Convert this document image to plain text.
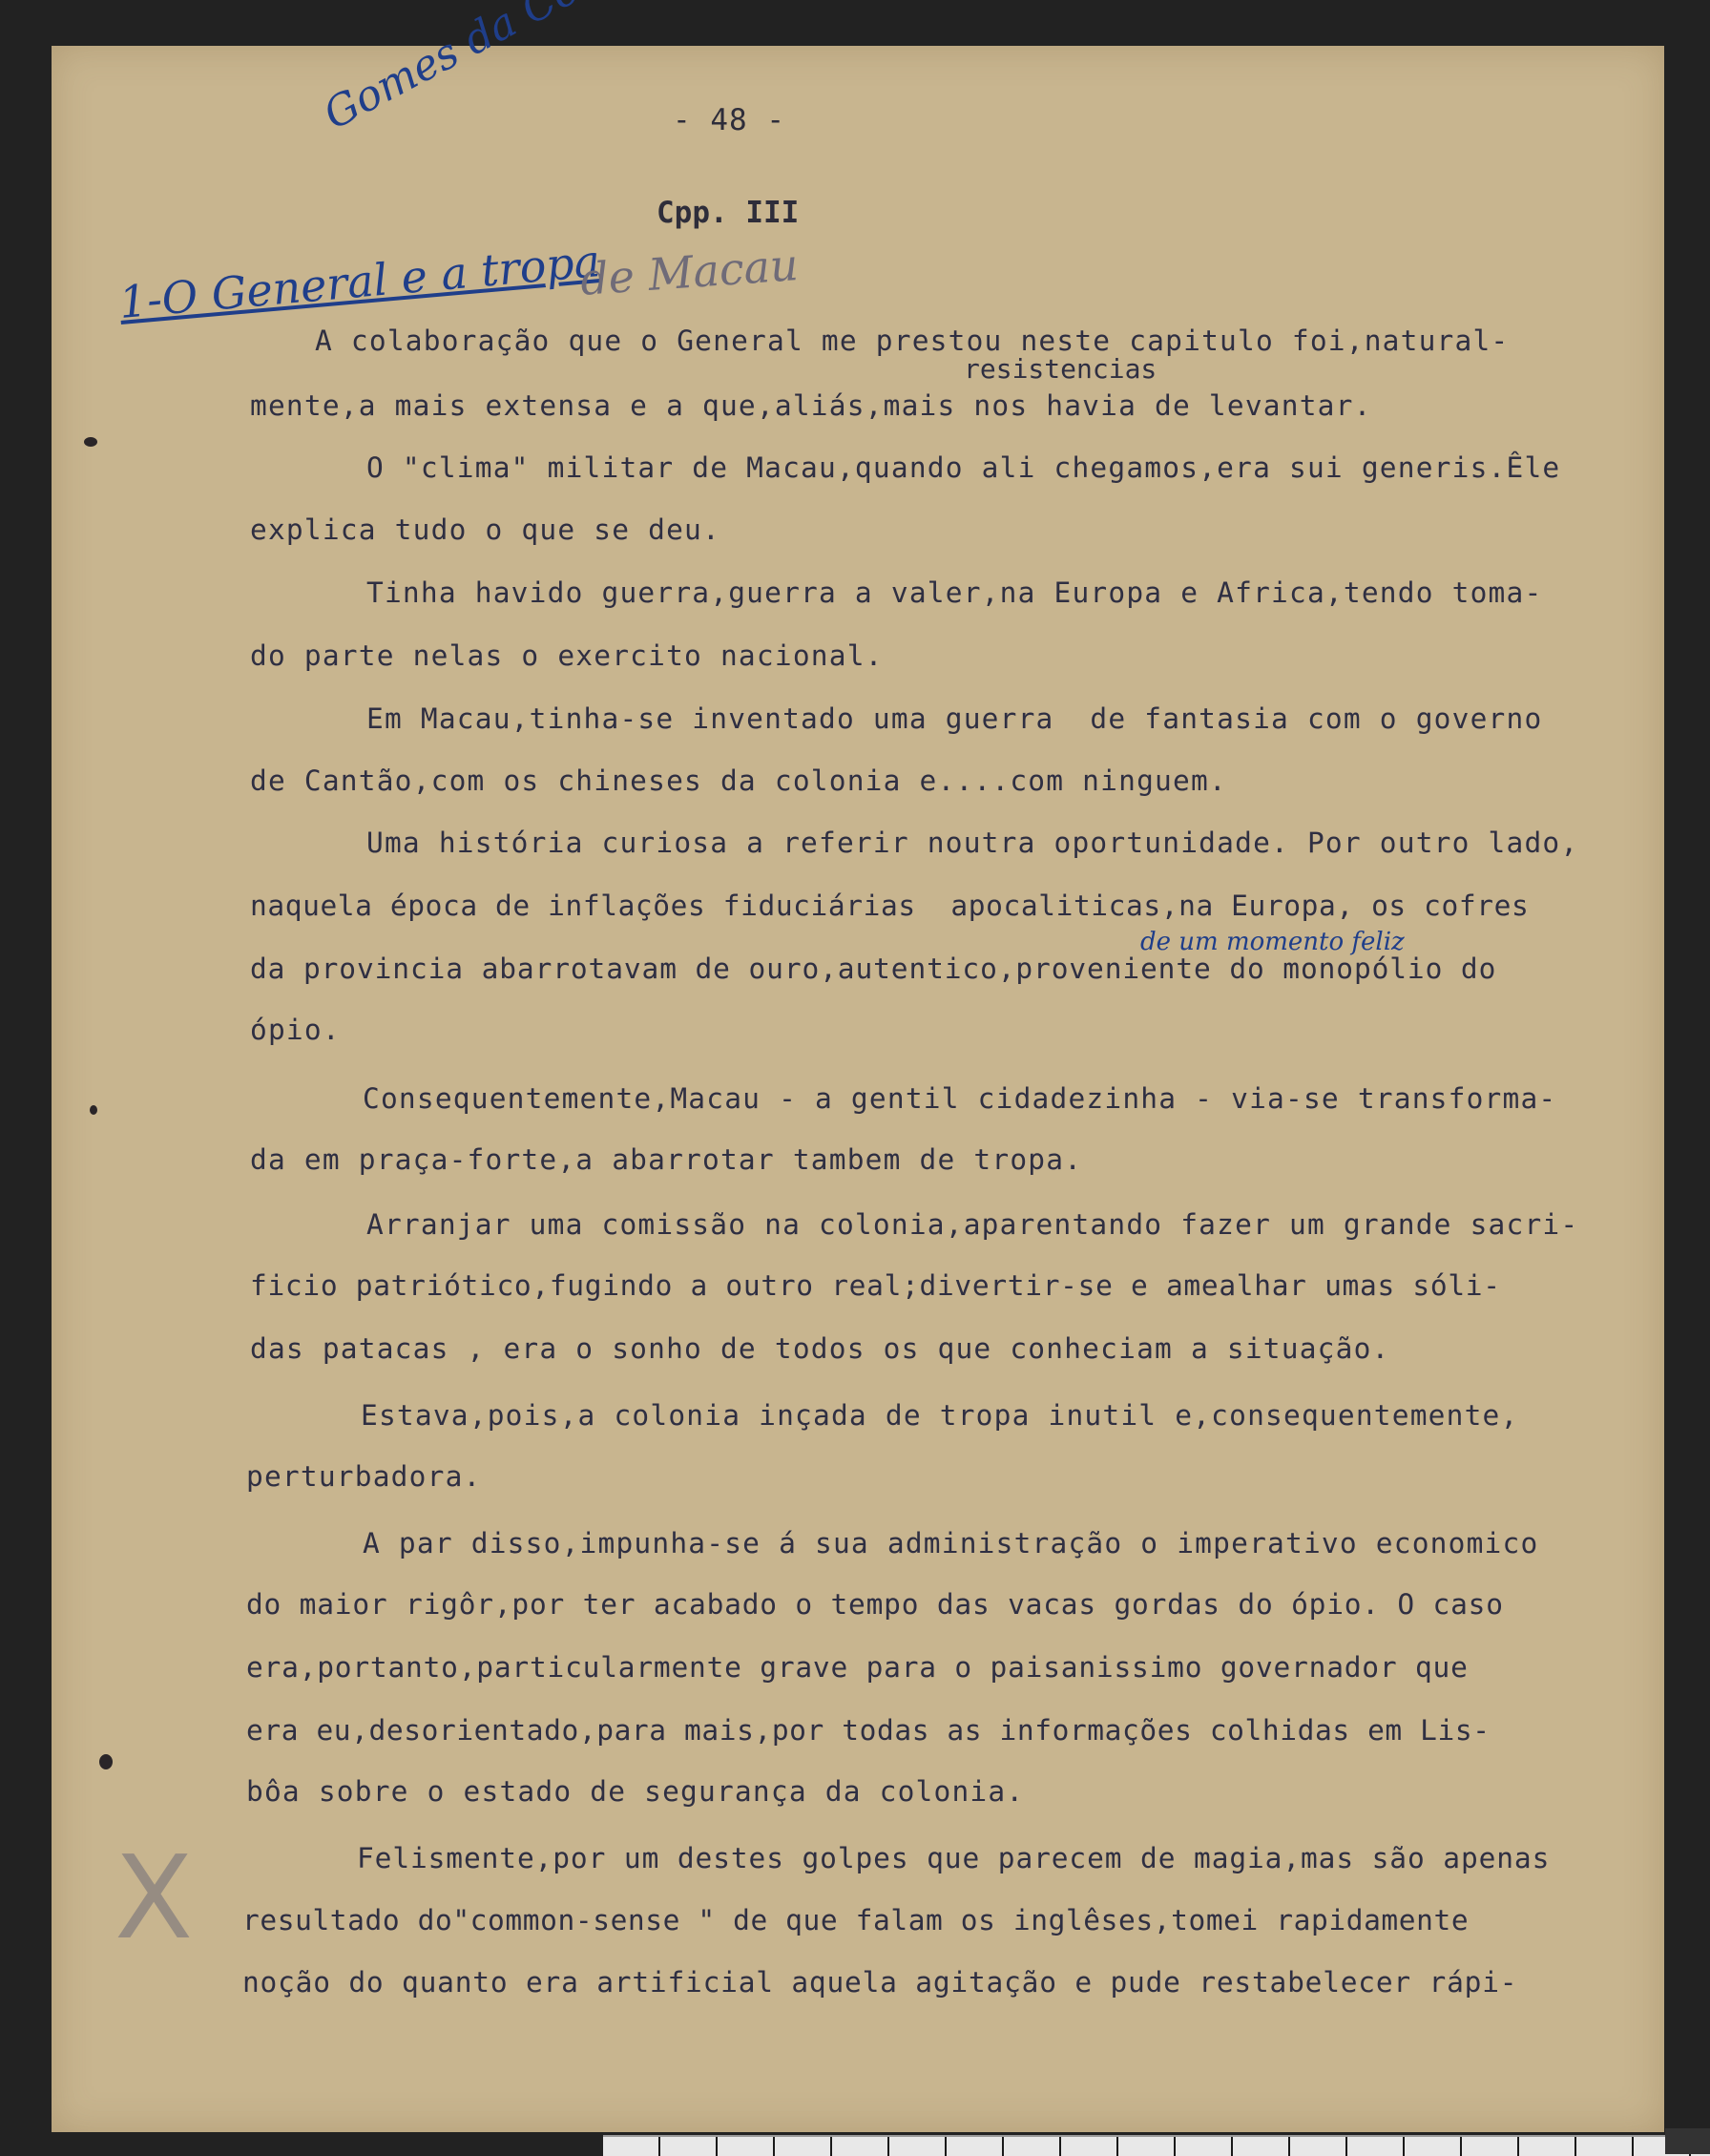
- 48 -
Cpp. III
1-O General e a tropa
de Macau
resistencias
de um momento feliz
X
A colaboração que o General me prestou neste capitulo foi,natural-
mente,a mais extensa e a que,aliás,mais nos havia de levantar.
O "clima" militar de Macau,quando ali chegamos,era sui generis.Êle
explica tudo o que se deu.
Tinha havido guerra,guerra a valer,na Europa e Africa,tendo toma-
do parte nelas o exercito nacional.
Em Macau,tinha-se inventado uma guerra  de fantasia com o governo
de Cantão,com os chineses da colonia e....com ninguem.
Uma história curiosa a referir noutra oportunidade. Por outro lado,
naquela época de inflações fiduciárias  apocaliticas,na Europa, os cofres
da provincia abarrotavam de ouro,autentico,proveniente do monopólio do
ópio.
Consequentemente,Macau - a gentil cidadezinha - via-se transforma-
da em praça-forte,a abarrotar tambem de tropa.
Arranjar uma comissão na colonia,aparentando fazer um grande sacri-
ficio patriótico,fugindo a outro real;divertir-se e amealhar umas sóli-
das patacas , era o sonho de todos os que conheciam a situação.
Estava,pois,a colonia inçada de tropa inutil e,consequentemente,
perturbadora.
A par disso,impunha-se á sua administração o imperativo economico
do maior rigôr,por ter acabado o tempo das vacas gordas do ópio. O caso
era,portanto,particularmente grave para o paisanissimo governador que
era eu,desorientado,para mais,por todas as informações colhidas em Lis-
bôa sobre o estado de segurança da colonia.
Felismente,por um destes golpes que parecem de magia,mas são apenas
resultado do"common-sense " de que falam os inglêses,tomei rapidamente
noção do quanto era artificial aquela agitação e pude restabelecer rápi-
